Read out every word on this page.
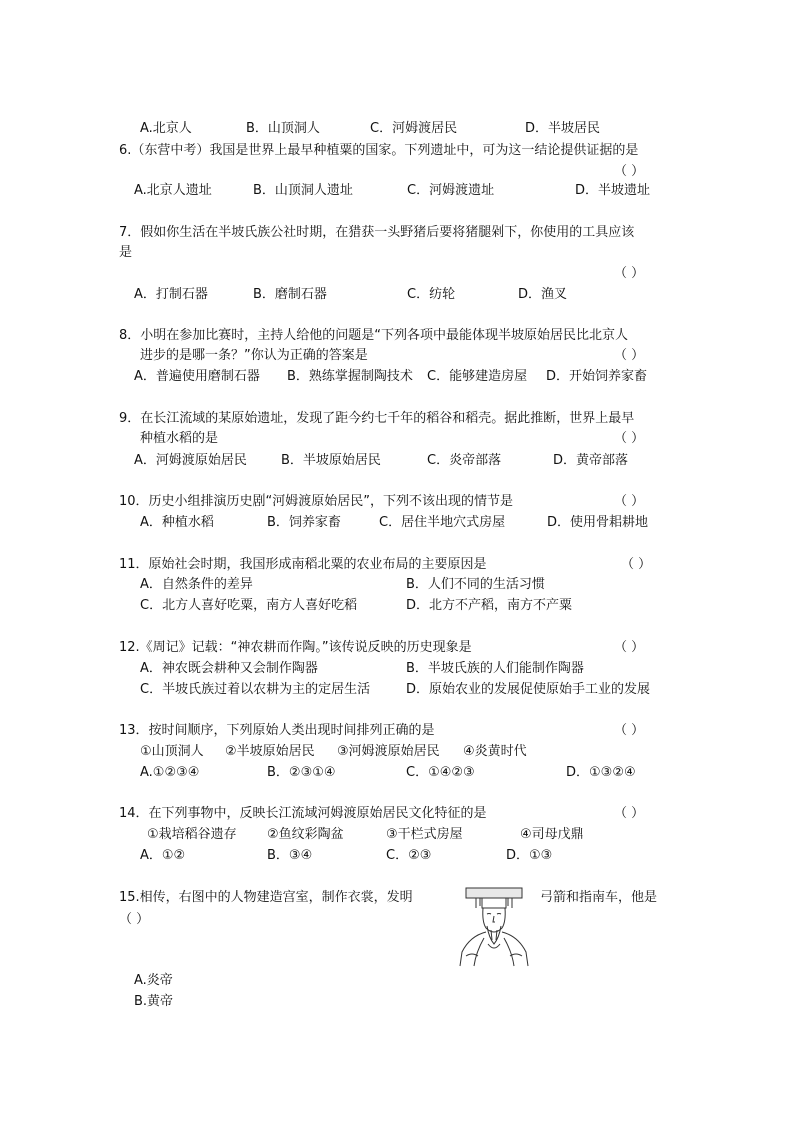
A.北京人	B．山顶洞人	C．河姆渡居民	D．半坡居民
6.（东营中考）我国是世界上最早种植粟的国家。下列遗址中，可为这一结论提供证据的是
（ ）
A.北京人遗址	B．山顶洞人遗址	C．河姆渡遗址	D．半坡遗址
7．假如你生活在半坡氏族公社时期，在猎获一头野猪后要将猪腿剁下，你使用的工具应该
是
（ ）
A．打制石器	B．磨制石器	C．纺轮	D．渔叉
8．小明在参加比赛时，主持人给他的问题是“下列各项中最能体现半坡原始居民比北京人
进步的是哪一条？”你认为正确的答案是	（ ）
A．普遍使用磨制石器 B．熟练掌握制陶技术 C．能够建造房屋 D．开始饲养家畜
9．在长江流域的某原始遗址，发现了距今约七千年的稻谷和稻壳。据此推断，世界上最早
种植水稻的是	（ ）
A．河姆渡原始居民	B．半坡原始居民	C．炎帝部落	D．黄帝部落
10．历史小组排演历史剧“河姆渡原始居民”，下列不该出现的情节是	（ ）
A．种植水稻	B．饲养家畜	C．居住半地穴式房屋	D．使用骨耜耕地
11．原始社会时期，我国形成南稻北粟的农业布局的主要原因是	（ ）
A．自然条件的差异	B．人们不同的生活习惯
C．北方人喜好吃粟，南方人喜好吃稻	D．北方不产稻，南方不产粟
12.《周记》记载：“神农耕而作陶。”该传说反映的历史现象是	（ ）
A．神农既会耕种又会制作陶器	B．半坡氏族的人们能制作陶器
C．半坡氏族过着以农耕为主的定居生活	D．原始农业的发展促使原始手工业的发展
13．按时间顺序，下列原始人类出现时间排列正确的是	（ ）
①山顶洞人 ②半坡原始居民 ③河姆渡原始居民 ④炎黄时代
A.①②③④	B．②③①④	C．①④②③	D．①③②④
14．在下列事物中，反映长江流域河姆渡原始居民文化特征的是	（ ）
①栽培稻谷遗存 ②鱼纹彩陶盆	③干栏式房屋	④司母戊鼎
A．①②	B．③④	C．②③	D．①③
15.相传，右图中的人物建造宫室，制作衣裳，发明	弓箭和指南车，他是
（ ）
A.炎帝
B.黄帝
